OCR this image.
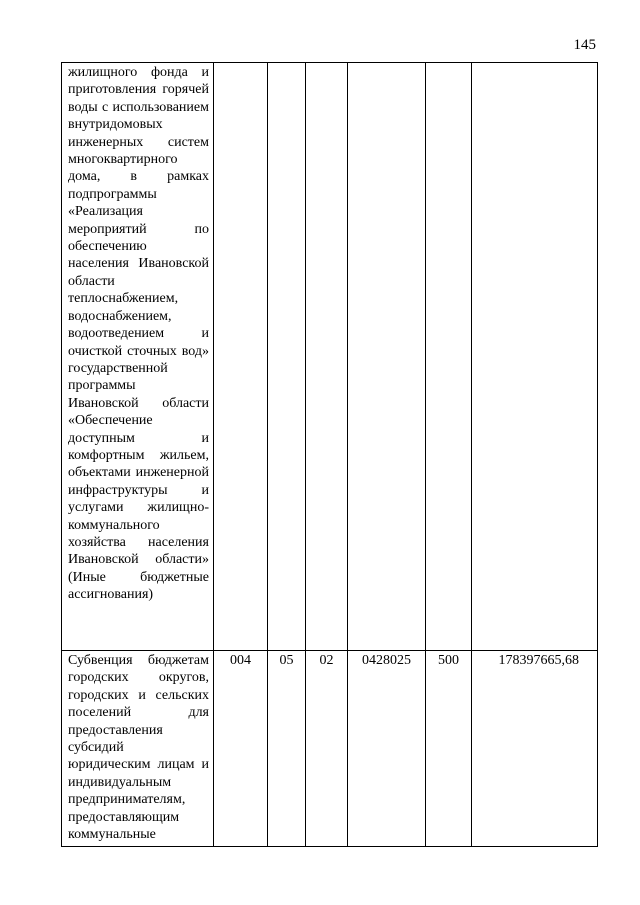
145
жилищного фонда и приготовления горячей воды с использованием внутридомовых инженерных систем многоквартирного дома, в рамках подпрограммы «Реализация мероприятий по обеспечению населения Ивановской области теплоснабжением, водоснабжением, водоотведением и очисткой сточных вод» государственной программы Ивановской области «Обеспечение доступным и комфортным жильем, объектами инженерной инфраструктуры и услугами жилищно-коммунального хозяйства населения Ивановской области» (Иные бюджетные ассигнования)						

Субвенция бюджетам городских округов, городских и сельских поселений для предоставления субсидий юридическим лицам и индивидуальным предпринимателям, предоставляющим коммунальные	004	05	02	0428025	500	178397665,68
